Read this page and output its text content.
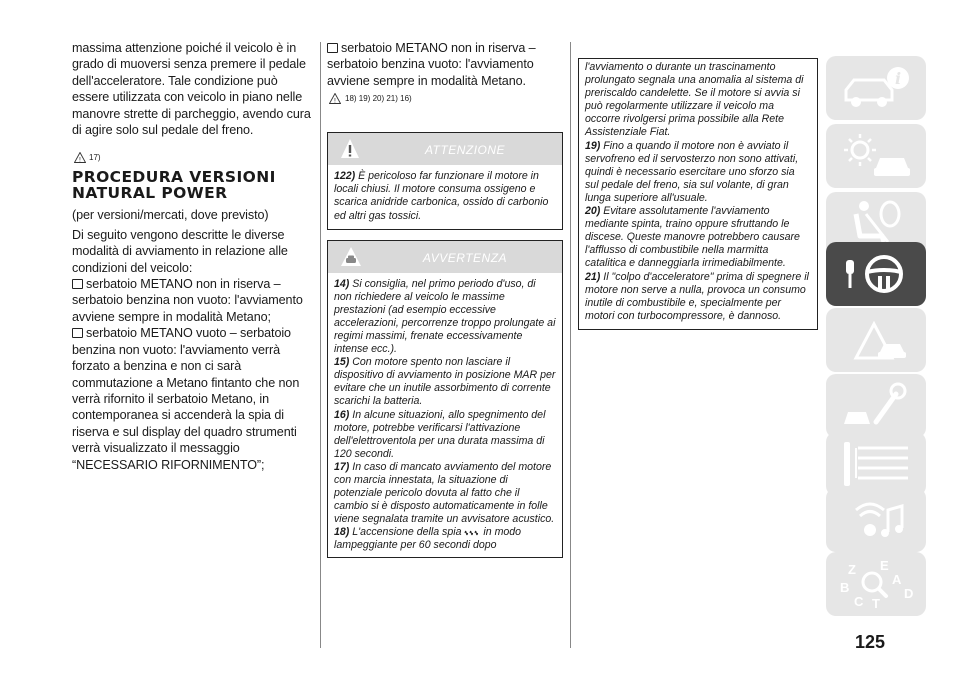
massima attenzione poiché il veicolo è in grado di muoversi senza premere il pedale dell'acceleratore. Tale condizione può essere utilizzata con veicolo in piano nelle manovre strette di parcheggio, avendo cura di agire solo sul pedale del freno.

! 17)
PROCEDURA VERSIONI NATURAL POWER

(per versioni/mercati, dove previsto)

Di seguito vengono descritte le diverse modalità di avviamento in relazione alle condizioni del veicolo:

serbatoio METANO non in riserva – serbatoio benzina non vuoto: l'avviamento avviene sempre in modalità Metano;

serbatoio METANO vuoto – serbatoio benzina non vuoto: l'avviamento verrà forzato a benzina e non ci sarà commutazione a Metano fintanto che non verrà rifornito il serbatoio Metano, in contemporanea si accenderà la spia di riserva e sul display del quadro strumenti verrà visualizzato il messaggio “NECESSARIO RIFORNIMENTO”;

serbatoio METANO non in riserva – serbatoio benzina vuoto: l'avviamento avviene sempre in modalità Metano.

! 18) 19) 20) 21) 16)
ATTENZIONE

122) È pericoloso far funzionare il motore in locali chiusi. Il motore consuma ossigeno e scarica anidride carbonica, ossido di carbonio ed altri gas tossici.

AVVERTENZA

14) Si consiglia, nel primo periodo d'uso, di non richiedere al veicolo le massime prestazioni (ad esempio eccessive accelerazioni, percorrenze troppo prolungate ai regimi massimi, frenate eccessivamente intense ecc.).

15) Con motore spento non lasciare il dispositivo di avviamento in posizione MAR per evitare che un inutile assorbimento di corrente scarichi la batteria.

16) In alcune situazioni, allo spegnimento del motore, potrebbe verificarsi l'attivazione dell'elettroventola per una durata massima di 120 secondi.

17) In caso di mancato avviamento del motore con marcia innestata, la situazione di potenziale pericolo dovuta al fatto che il cambio si è disposto automaticamente in folle viene segnalata tramite un avvisatore acustico.

18) L'accensione della spia in modo lampeggiante per 60 secondi dopo

l'avviamento o durante un trascinamento prolungato segnala una anomalia al sistema di preriscaldo candelette. Se il motore si avvia si può regolarmente utilizzare il veicolo ma occorre rivolgersi prima possibile alla Rete Assistenziale Fiat.

19) Fino a quando il motore non è avviato il servofreno ed il servosterzo non sono attivati, quindi è necessario esercitare uno sforzo sia sul pedale del freno, sia sul volante, di gran lunga superiore all'usuale.

20) Evitare assolutamente l'avviamento mediante spinta, traino oppure sfruttando le discese. Queste manovre potrebbero causare l'afflusso di combustibile nella marmitta catalitica e danneggiarla irrimediabilmente.

21) Il "colpo d'acceleratore" prima di spegnere il motore non serve a nulla, provoca un consumo inutile di combustibile e, specialmente per motori con turbocompressore, è dannoso.

i
Z E
A
B
C T
D
125
